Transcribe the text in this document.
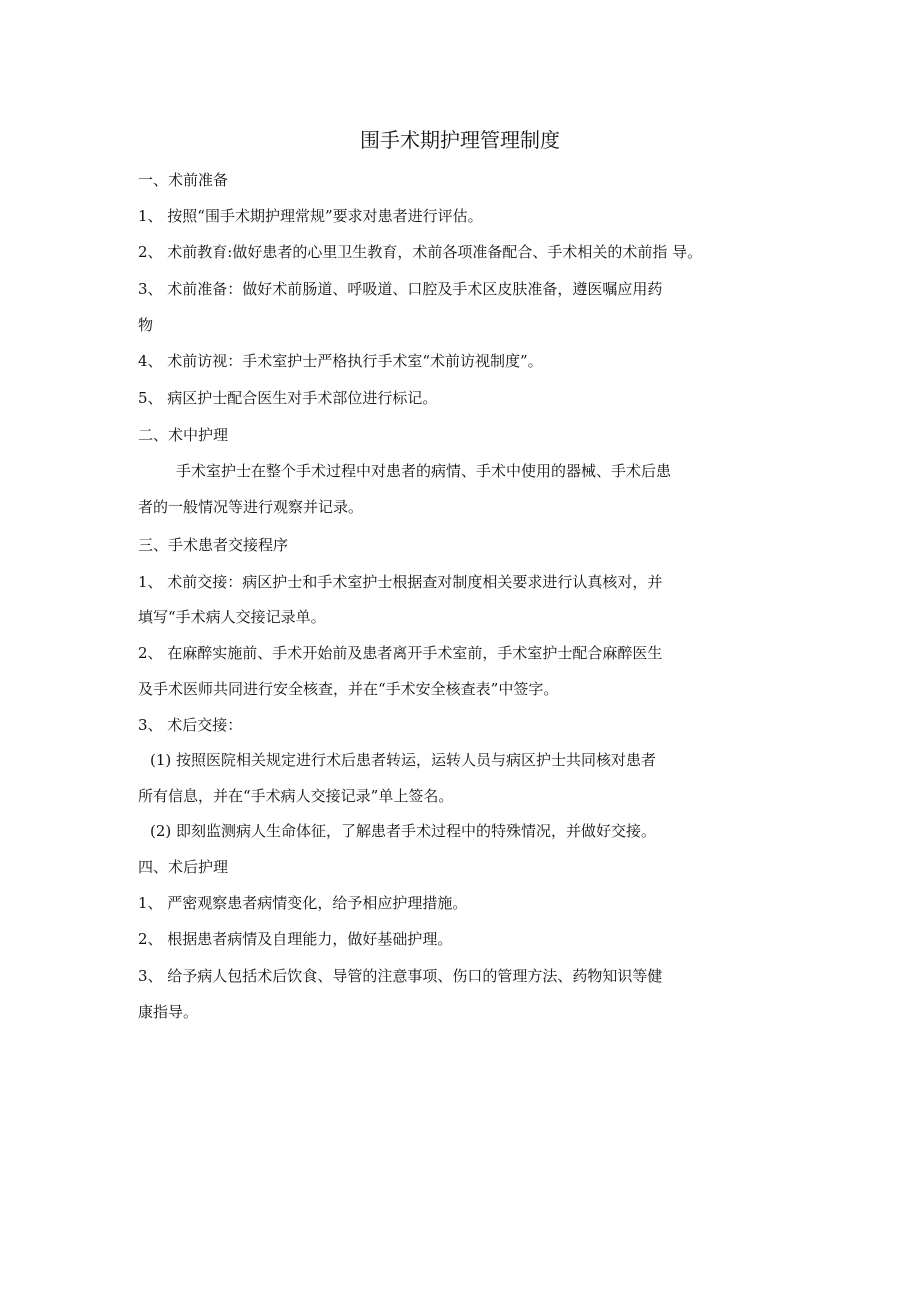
围手术期护理管理制度
一、术前准备
1、 按照“围手术期护理常规”要求对患者进行评估。
2、 术前教育:做好患者的心里卫生教育，术前各项准备配合、手术相关的术前指 导。
3、 术前准备：做好术前肠道、呼吸道、口腔及手术区皮肤准备，遵医嘱应用药
物
4、 术前访视：手术室护士严格执行手术室“术前访视制度”。
5、 病区护士配合医生对手术部位进行标记。
二、术中护理
手术室护士在整个手术过程中对患者的病情、手术中使用的器械、手术后患
者的一般情况等进行观察并记录。
三、手术患者交接程序
1、 术前交接：病区护士和手术室护士根据查对制度相关要求进行认真核对，并
填写“手术病人交接记录单。
2、 在麻醉实施前、手术开始前及患者离开手术室前，手术室护士配合麻醉医生
及手术医师共同进行安全核查，并在“手术安全核查表”中签字。
3、 术后交接：
(1) 按照医院相关规定进行术后患者转运，运转人员与病区护士共同核对患者
所有信息，并在“手术病人交接记录”单上签名。
(2) 即刻监测病人生命体征，了解患者手术过程中的特殊情况，并做好交接。
四、术后护理
1、 严密观察患者病情变化，给予相应护理措施。
2、 根据患者病情及自理能力，做好基础护理。
3、 给予病人包括术后饮食、导管的注意事项、伤口的管理方法、药物知识等健
康指导。
